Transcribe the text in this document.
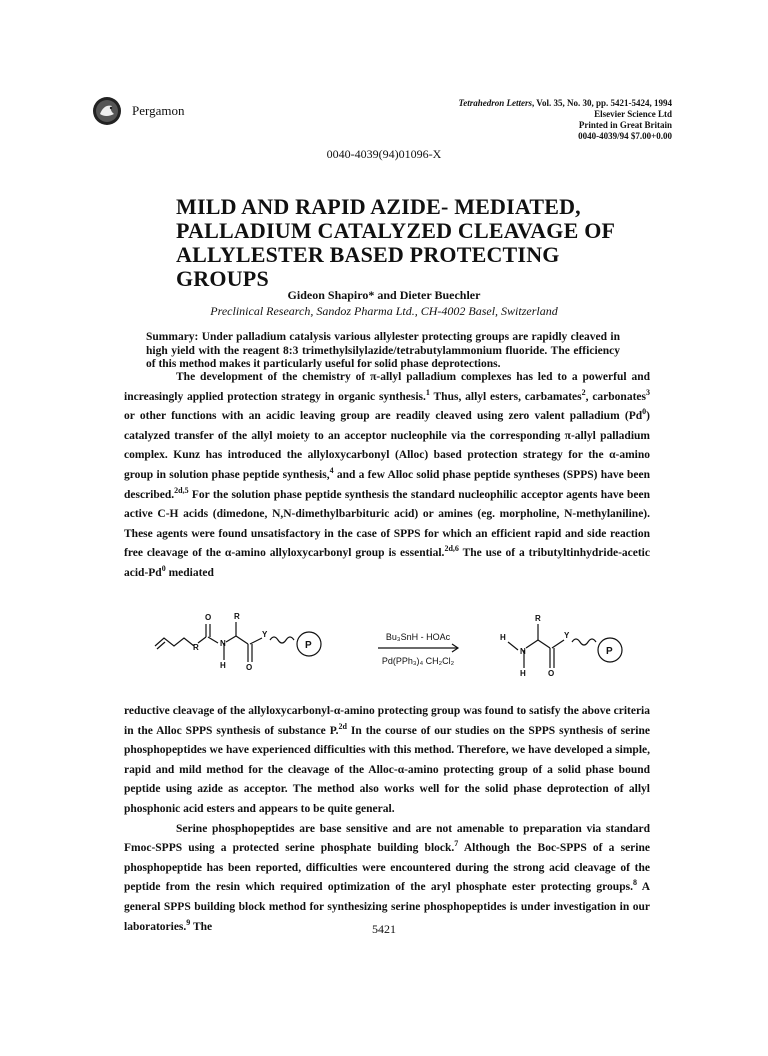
Pergamon	Tetrahedron Letters, Vol. 35, No. 30, pp. 5421-5424, 1994
Elsevier Science Ltd
Printed in Great Britain
0040-4039/94 $7.00+0.00
0040-4039(94)01096-X
MILD AND RAPID AZIDE- MEDIATED,
PALLADIUM CATALYZED CLEAVAGE OF
ALLYLESTER BASED PROTECTING GROUPS
Gideon Shapiro* and Dieter Buechler
Preclinical Research, Sandoz Pharma Ltd., CH-4002 Basel, Switzerland
Summary: Under palladium catalysis various allylester protecting groups are rapidly cleaved in high yield with the reagent 8:3 trimethylsilylazide/tetrabutylammonium fluoride. The efficiency of this method makes it particularly useful for solid phase deprotections.

The development of the chemistry of π-allyl palladium complexes has led to a powerful and increasingly applied protection strategy in organic synthesis.$^1$ Thus, allyl esters, carbamates$^2$, carbonates$^3$ or other functions with an acidic leaving group are readily cleaved using zero valent palladium (Pd$^0$) catalyzed transfer of the allyl moiety to an acceptor nucleophile via the corresponding π-allyl palladium complex. Kunz has introduced the allyloxycarbonyl (Alloc) based protection strategy for the α-amino group in solution phase peptide synthesis,$^4$ and a few Alloc solid phase peptide syntheses (SPPS) have been described.$^{2d,5}$ For the solution phase peptide synthesis the standard nucleophilic acceptor agents have been active C-H acids (dimedone, N,N-dimethylbarbituric acid) or amines (eg. morpholine, N-methylaniline). These agents were found unsatisfactory in the case of SPPS for which an efficient rapid and side reaction free cleavage of the α-amino allyloxycarbonyl group is essential.$^{2d,6}$ The use of a tributyltinhydride-acetic acid-Pd$^0$ mediated

R
O	R
N
H	O
Y
P
R
H
N
H	O
Y
P
Bu₃SnH - HOAc
Pd(PPh₃)₄ CH₂Cl₂

reductive cleavage of the allyloxycarbonyl-α-amino protecting group was found to satisfy the above criteria in the Alloc SPPS synthesis of substance P.$^{2d}$ In the course of our studies on the SPPS synthesis of serine phosphopeptides we have experienced difficulties with this method. Therefore, we have developed a simple, rapid and mild method for the cleavage of the Alloc-α-amino protecting group of a solid phase bound peptide using azide as acceptor. The method also works well for the solid phase deprotection of allyl phosphonic acid esters and appears to be quite general.

Serine phosphopeptides are base sensitive and are not amenable to preparation via standard Fmoc-SPPS using a protected serine phosphate building block.$^7$ Although the Boc-SPPS of a serine phosphopeptide has been reported, difficulties were encountered during the strong acid cleavage of the peptide from the resin which required optimization of the aryl phosphate ester protecting groups.$^8$ A general SPPS building block method for synthesizing serine phosphopeptides is under investigation in our laboratories.$^9$ The	5421
